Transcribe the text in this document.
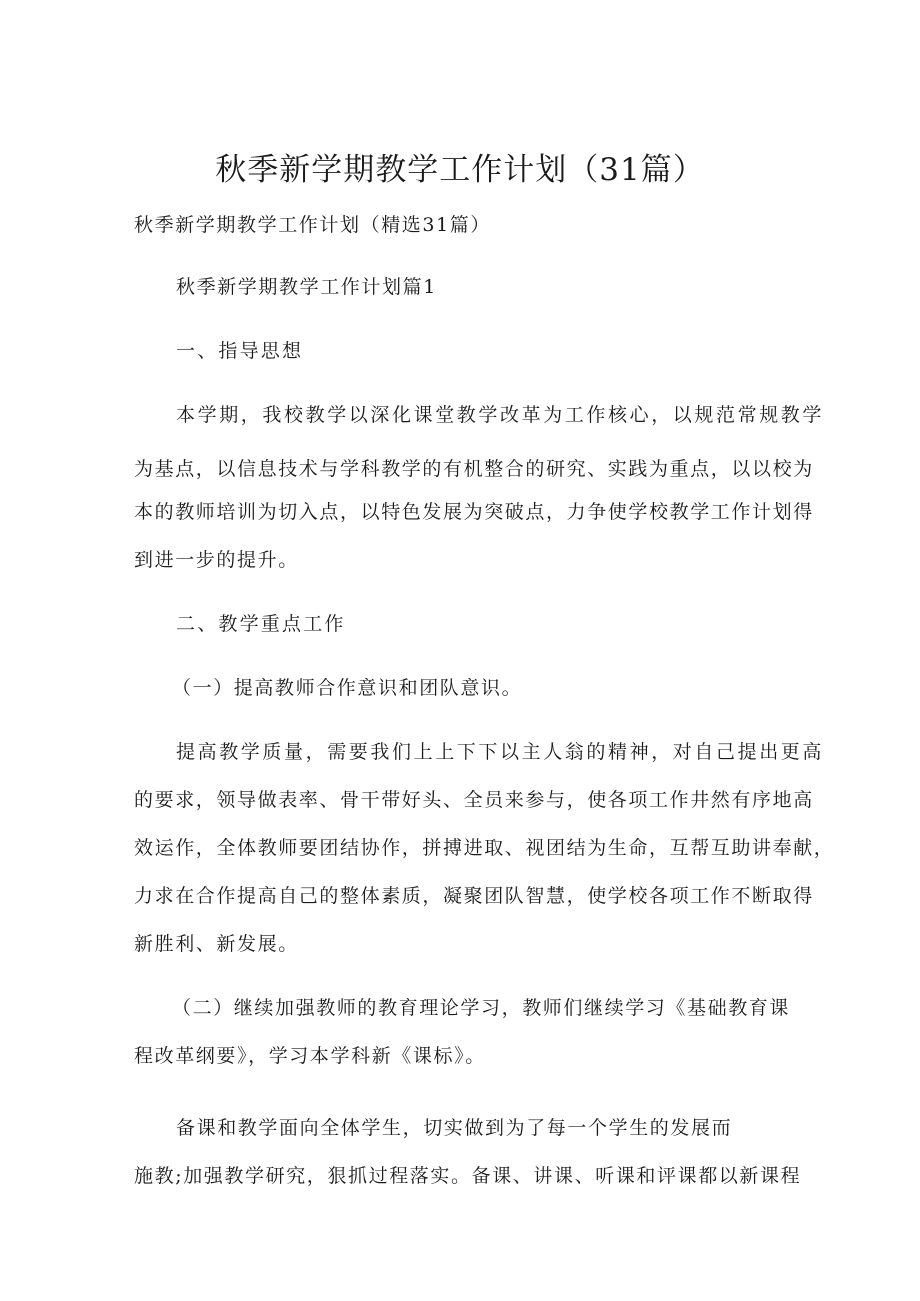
秋季新学期教学工作计划（31篇）

秋季新学期教学工作计划（精选31篇）

秋季新学期教学工作计划篇1

一、指导思想

本学期，我校教学以深化课堂教学改革为工作核心，以规范常规教学

为基点，以信息技术与学科教学的有机整合的研究、实践为重点，以以校为

本的教师培训为切入点，以特色发展为突破点，力争使学校教学工作计划得

到进一步的提升。

二、教学重点工作

（一）提高教师合作意识和团队意识。

提高教学质量，需要我们上上下下以主人翁的精神，对自己提出更高

的要求，领导做表率、骨干带好头、全员来参与，使各项工作井然有序地高

效运作，全体教师要团结协作，拼搏进取、视团结为生命，互帮互助讲奉献，

力求在合作提高自己的整体素质，凝聚团队智慧，使学校各项工作不断取得

新胜利、新发展。

（二）继续加强教师的教育理论学习，教师们继续学习《基础教育课

程改革纲要》，学习本学科新《课标》。

备课和教学面向全体学生，切实做到为了每一个学生的发展而

施教;加强教学研究，狠抓过程落实。备课、讲课、听课和评课都以新课程
